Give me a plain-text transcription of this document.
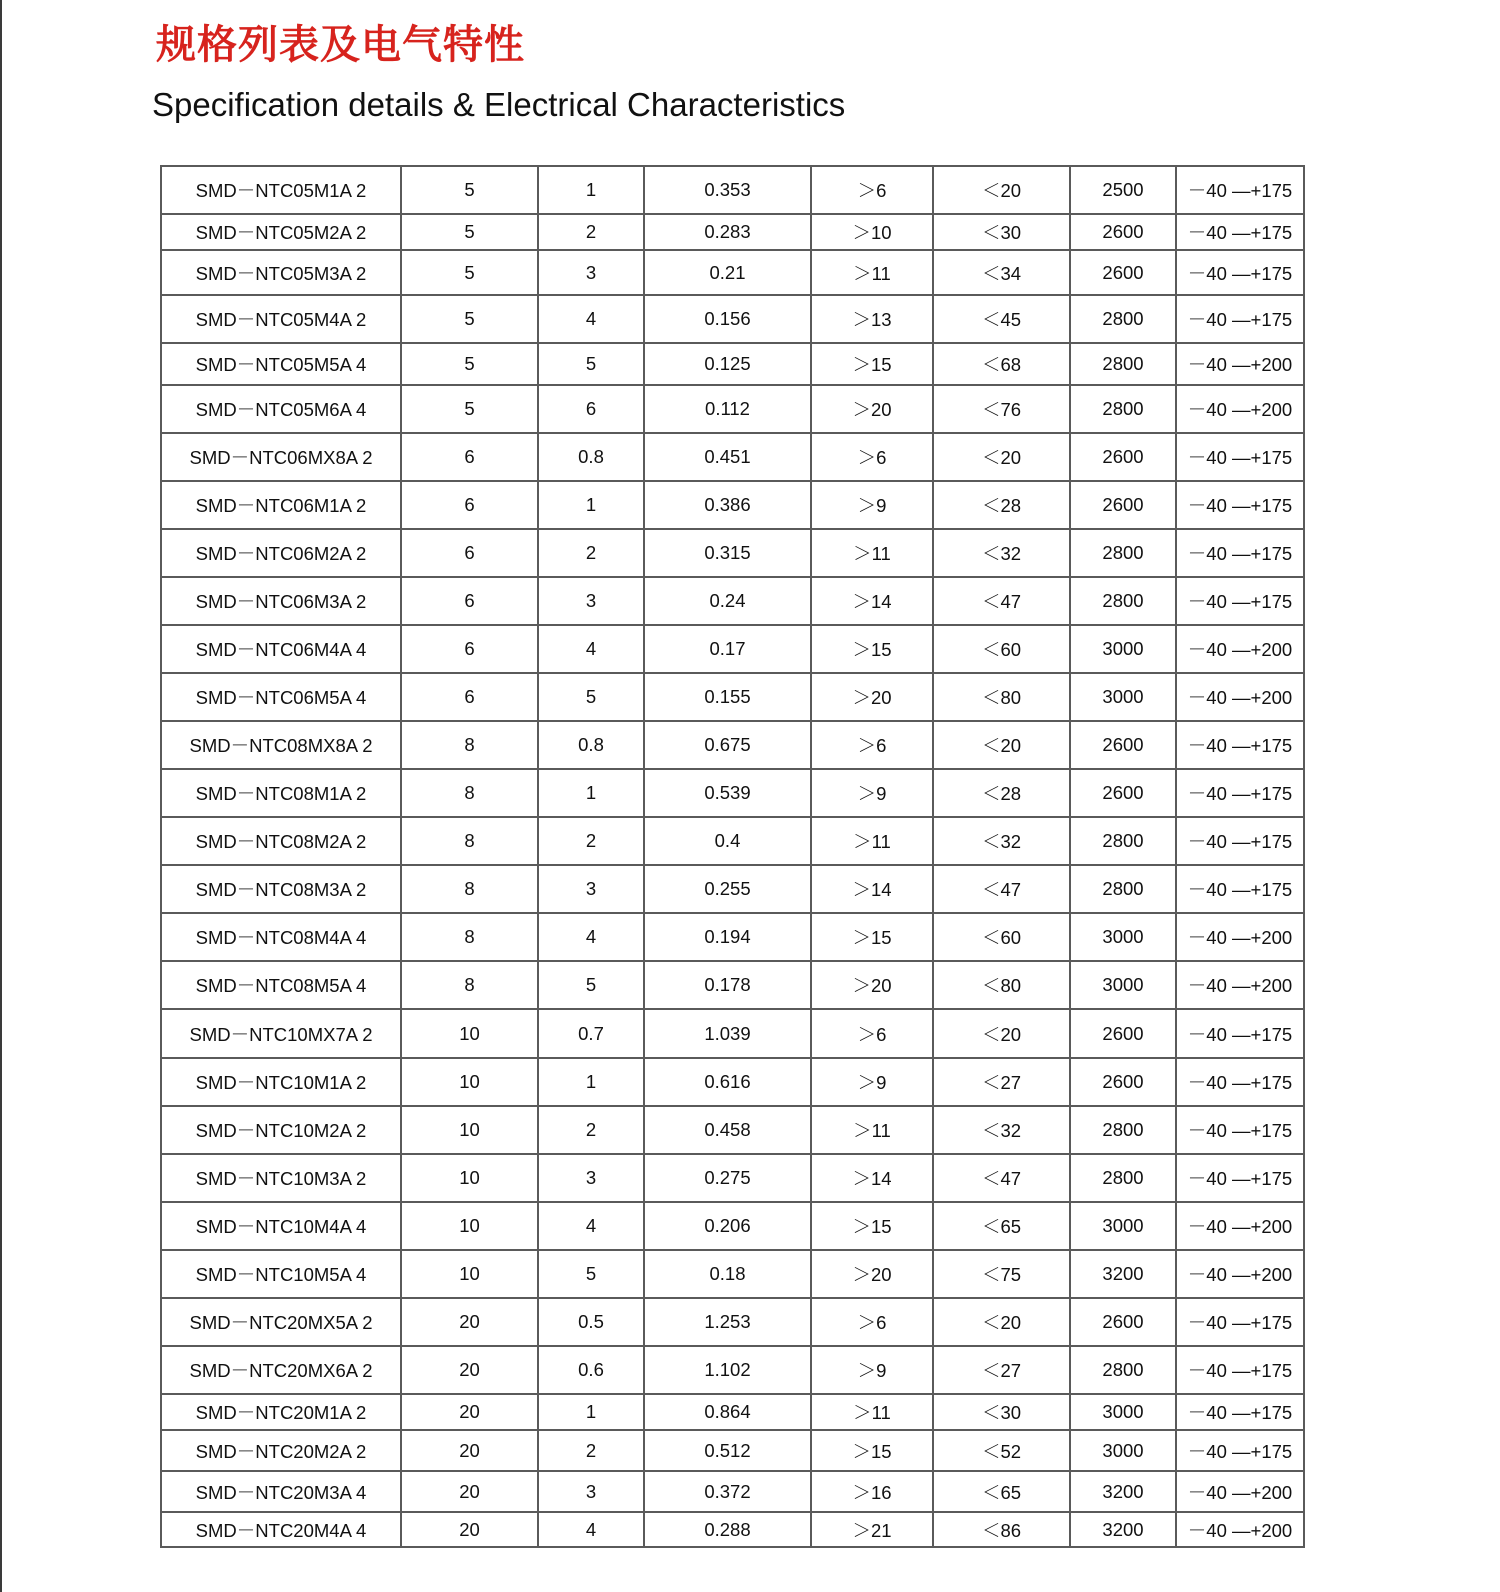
规格列表及电气特性
Specification details & Electrical Characteristics
SMD－NTC05M1A 2	5	1	0.353	＞6	＜20	2500	－40 —+175
SMD－NTC05M2A 2	5	2	0.283	＞10	＜30	2600	－40 —+175
SMD－NTC05M3A 2	5	3	0.21	＞11	＜34	2600	－40 —+175
SMD－NTC05M4A 2	5	4	0.156	＞13	＜45	2800	－40 —+175
SMD－NTC05M5A 4	5	5	0.125	＞15	＜68	2800	－40 —+200
SMD－NTC05M6A 4	5	6	0.112	＞20	＜76	2800	－40 —+200
SMD－NTC06MX8A 2	6	0.8	0.451	＞6	＜20	2600	－40 —+175
SMD－NTC06M1A 2	6	1	0.386	＞9	＜28	2600	－40 —+175
SMD－NTC06M2A 2	6	2	0.315	＞11	＜32	2800	－40 —+175
SMD－NTC06M3A 2	6	3	0.24	＞14	＜47	2800	－40 —+175
SMD－NTC06M4A 4	6	4	0.17	＞15	＜60	3000	－40 —+200
SMD－NTC06M5A 4	6	5	0.155	＞20	＜80	3000	－40 —+200
SMD－NTC08MX8A 2	8	0.8	0.675	＞6	＜20	2600	－40 —+175
SMD－NTC08M1A 2	8	1	0.539	＞9	＜28	2600	－40 —+175
SMD－NTC08M2A 2	8	2	0.4	＞11	＜32	2800	－40 —+175
SMD－NTC08M3A 2	8	3	0.255	＞14	＜47	2800	－40 —+175
SMD－NTC08M4A 4	8	4	0.194	＞15	＜60	3000	－40 —+200
SMD－NTC08M5A 4	8	5	0.178	＞20	＜80	3000	－40 —+200
SMD－NTC10MX7A 2	10	0.7	1.039	＞6	＜20	2600	－40 —+175
SMD－NTC10M1A 2	10	1	0.616	＞9	＜27	2600	－40 —+175
SMD－NTC10M2A 2	10	2	0.458	＞11	＜32	2800	－40 —+175
SMD－NTC10M3A 2	10	3	0.275	＞14	＜47	2800	－40 —+175
SMD－NTC10M4A 4	10	4	0.206	＞15	＜65	3000	－40 —+200
SMD－NTC10M5A 4	10	5	0.18	＞20	＜75	3200	－40 —+200
SMD－NTC20MX5A 2	20	0.5	1.253	＞6	＜20	2600	－40 —+175
SMD－NTC20MX6A 2	20	0.6	1.102	＞9	＜27	2800	－40 —+175
SMD－NTC20M1A 2	20	1	0.864	＞11	＜30	3000	－40 —+175
SMD－NTC20M2A 2	20	2	0.512	＞15	＜52	3000	－40 —+175
SMD－NTC20M3A 4	20	3	0.372	＞16	＜65	3200	－40 —+200
SMD－NTC20M4A 4	20	4	0.288	＞21	＜86	3200	－40 —+200
